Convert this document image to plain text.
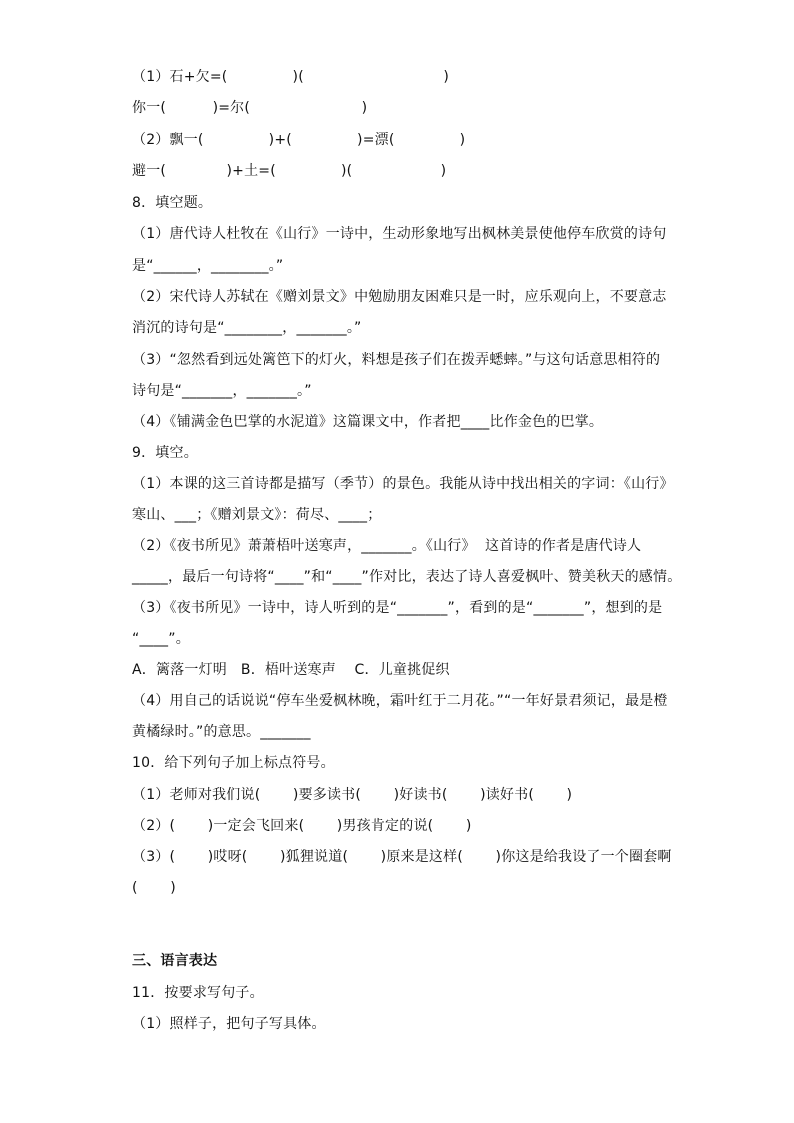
（1）石+欠=(              )(                              )
你一(          )=尔(                        )
（2）飘一(              )+(              )=漂(              )
避一(             )+土=(              )(                   )
8．填空题。
（1）唐代诗人杜牧在《山行》一诗中，生动形象地写出枫林美景使他停车欣赏的诗句
是“______，________。”
（2）宋代诗人苏轼在《赠刘景文》中勉励朋友困难只是一时，应乐观向上，不要意志
消沉的诗句是“________，_______。”
（3）“忽然看到远处篱笆下的灯火，料想是孩子们在拨弄蟋蟀。”与这句话意思相符的
诗句是“_______，_______。”
（4）《铺满金色巴掌的水泥道》这篇课文中，作者把____比作金色的巴掌。
9．填空。
（1）本课的这三首诗都是描写（季节）的景色。我能从诗中找出相关的字词：《山行》
寒山、___；《赠刘景文》：荷尽、____；
（2）《夜书所见》萧萧梧叶送寒声，_______。《山行》  这首诗的作者是唐代诗人
_____，最后一句诗将“____”和“____”作对比，表达了诗人喜爱枫叶、赞美秋天的感情。
（3）《夜书所见》一诗中，诗人听到的是“_______”，看到的是“_______”，想到的是
“____”。
A．篱落一灯明   B．梧叶送寒声    C．儿童挑促织
（4）用自己的话说说“停车坐爱枫林晚，霜叶红于二月花。”“一年好景君须记，最是橙
黄橘绿时。”的意思。_______
10．给下列句子加上标点符号。
（1）老师对我们说(       )要多读书(       )好读书(       )读好书(       )
（2）(       )一定会飞回来(       )男孩肯定的说(       )
（3）(       )哎呀(       )狐狸说道(       )原来是这样(       )你这是给我设了一个圈套啊
(       )
三、语言表达
11．按要求写句子。
（1）照样子，把句子写具体。
